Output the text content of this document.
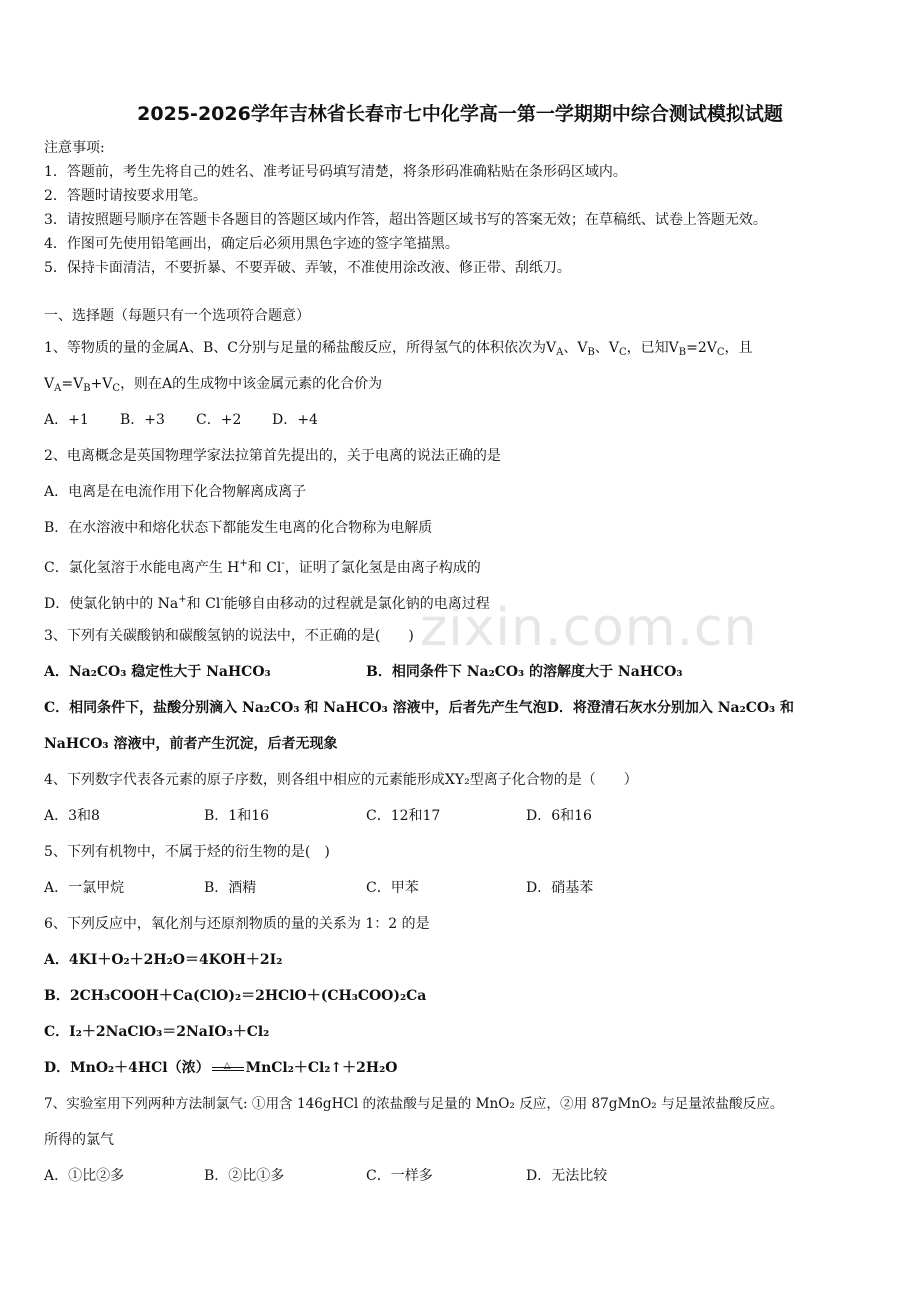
zixin.com.cn
2025-2026学年吉林省长春市七中化学高一第一学期期中综合测试模拟试题
注意事项:
1．答题前，考生先将自己的姓名、准考证号码填写清楚，将条形码准确粘贴在条形码区域内。
2．答题时请按要求用笔。
3．请按照题号顺序在答题卡各题目的答题区域内作答，超出答题区域书写的答案无效；在草稿纸、试卷上答题无效。
4．作图可先使用铅笔画出，确定后必须用黑色字迹的签字笔描黑。
5．保持卡面清洁，不要折暴、不要弄破、弄皱，不准使用涂改液、修正带、刮纸刀。
一、选择题（每题只有一个选项符合题意）
1、等物质的量的金属A、B、C分别与足量的稀盐酸反应，所得氢气的体积依次为$V_A$、$V_B$、$V_C$，已知$V_B=2V_C$，且
$V_A=V_B+V_C$，则在A的生成物中该金属元素的化合价为
A．+1 B．+3 C．+2 D．+4
2、电离概念是英国物理学家法拉第首先提出的，关于电离的说法正确的是
A．电离是在电流作用下化合物解离成离子
B．在水溶液中和熔化状态下都能发生电离的化合物称为电解质
C．氯化氢溶于水能电离产生 H+和 Cl-，证明了氯化氢是由离子构成的
D．使氯化钠中的 Na+和 Cl-能够自由移动的过程就是氯化钠的电离过程
3、下列有关碳酸钠和碳酸氢钠的说法中，不正确的是(　　)
A．Na₂CO₃ 稳定性大于 NaHCO₃	B．相同条件下 Na₂CO₃ 的溶解度大于 NaHCO₃
C．相同条件下，盐酸分别滴入 Na₂CO₃ 和 NaHCO₃ 溶液中，后者先产生气泡D．将澄清石灰水分别加入 Na₂CO₃ 和
NaHCO₃ 溶液中，前者产生沉淀，后者无现象
4、下列数字代表各元素的原子序数，则各组中相应的元素能形成XY₂型离子化合物的是（　　）
A．3和8	B．1和16	C．12和17	D．6和16
5、下列有机物中，不属于烃的衍生物的是(　)
A．一氯甲烷	B．酒精	C．甲苯	D．硝基苯
6、下列反应中，氧化剂与还原剂物质的量的关系为 1：2 的是
A．4KI＋O₂＋2H₂O＝4KOH＋2I₂
B．2CH₃COOH＋Ca(ClO)₂＝2HClO＋(CH₃COO)₂Ca
C．I₂＋2NaClO₃＝2NaIO₃＋Cl₂
D．MnO₂＋4HCl（浓） △ MnCl₂＋Cl₂↑＋2H₂O
7、实验室用下列两种方法制氯气: ①用含 146gHCl 的浓盐酸与足量的 MnO₂ 反应，②用 87gMnO₂ 与足量浓盐酸反应。
所得的氯气
A．①比②多	B．②比①多	C．一样多	D．无法比较
